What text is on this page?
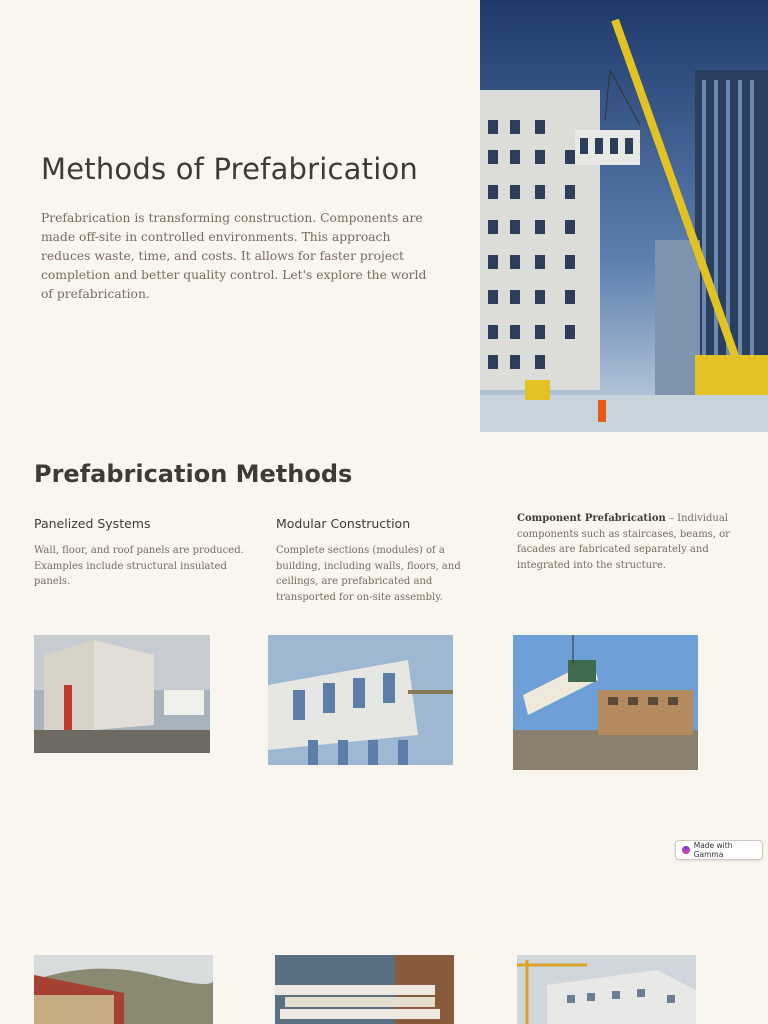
Methods of Prefabrication

Prefabrication is transforming construction. Components are made off-site in controlled environments. This approach reduces waste, time, and costs. It allows for faster project completion and better quality control. Let's explore the world of prefabrication.

Prefabrication Methods
Panelized Systems

Wall, floor, and roof panels are produced. Examples include structural insulated panels.

Modular Construction

Complete sections (modules) of a building, including walls, floors, and ceilings, are prefabricated and transported for on-site assembly.

Component Prefabrication – Individual components such as staircases, beams, or facades are fabricated separately and integrated into the structure.

Made with Gamma
